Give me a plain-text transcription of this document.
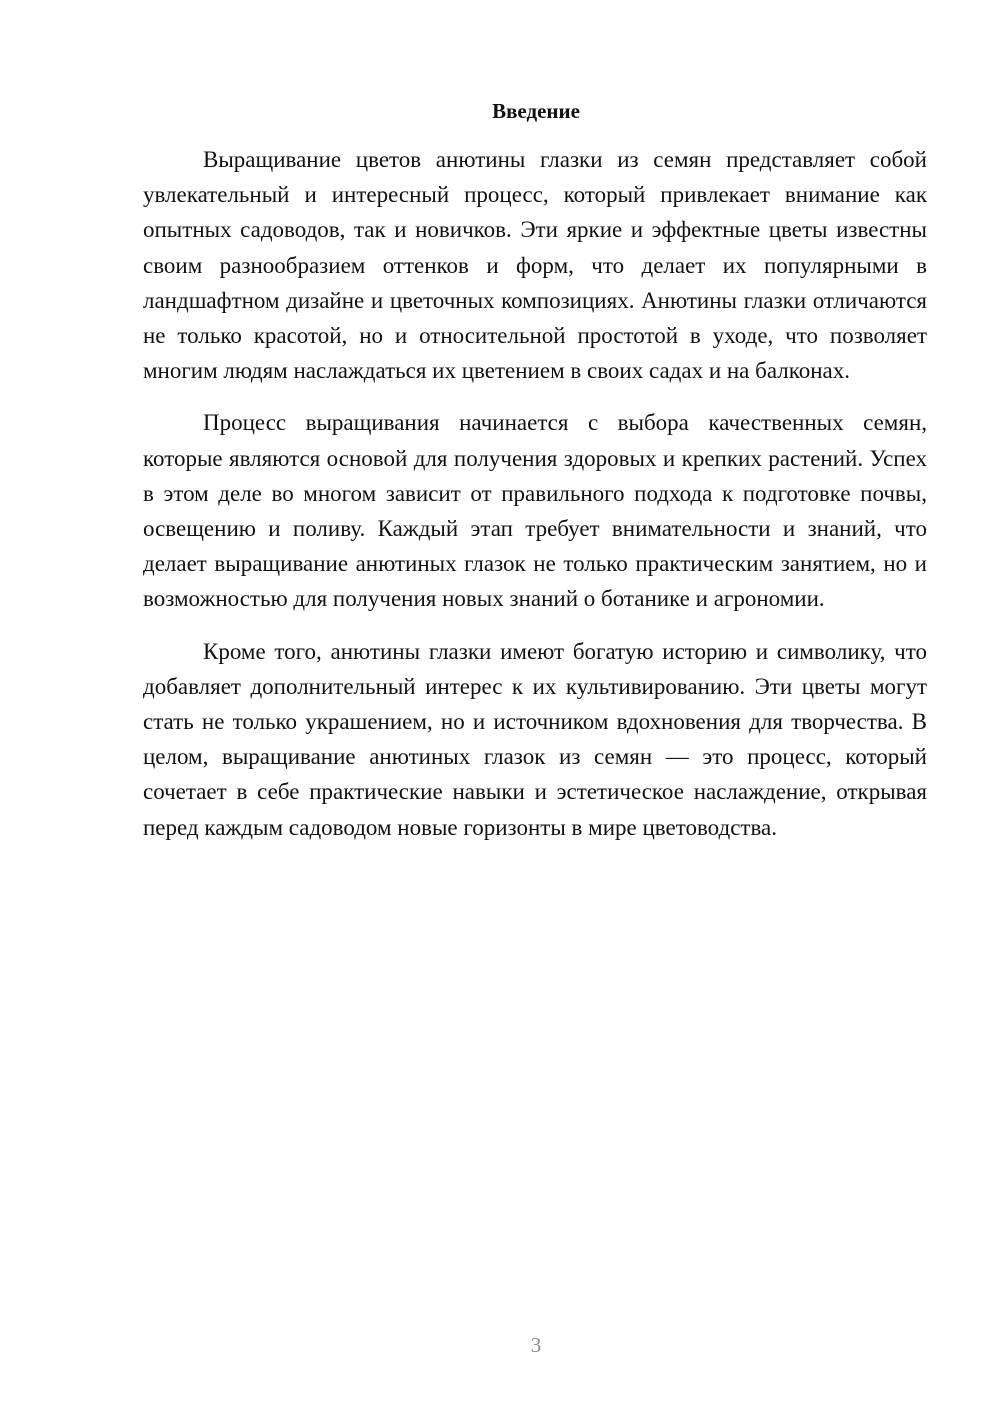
Введение

Выращивание цветов анютины глазки из семян представляет собой увлекательный и интересный процесс, который привлекает внимание как опытных садоводов, так и новичков. Эти яркие и эффектные цветы известны своим разнообразием оттенков и форм, что делает их популярными в ландшафтном дизайне и цветочных композициях. Анютины глазки отличаются не только красотой, но и относительной простотой в уходе, что позволяет многим людям наслаждаться их цветением в своих садах и на балконах.

Процесс выращивания начинается с выбора качественных семян, которые являются основой для получения здоровых и крепких растений. Успех в этом деле во многом зависит от правильного подхода к подготовке почвы, освещению и поливу. Каждый этап требует внимательности и знаний, что делает выращивание анютиных глазок не только практическим занятием, но и возможностью для получения новых знаний о ботанике и агрономии.

Кроме того, анютины глазки имеют богатую историю и символику, что добавляет дополнительный интерес к их культивированию. Эти цветы могут стать не только украшением, но и источником вдохновения для творчества. В целом, выращивание анютиных глазок из семян — это процесс, который сочетает в себе практические навыки и эстетическое наслаждение, открывая перед каждым садоводом новые горизонты в мире цветоводства.

3
